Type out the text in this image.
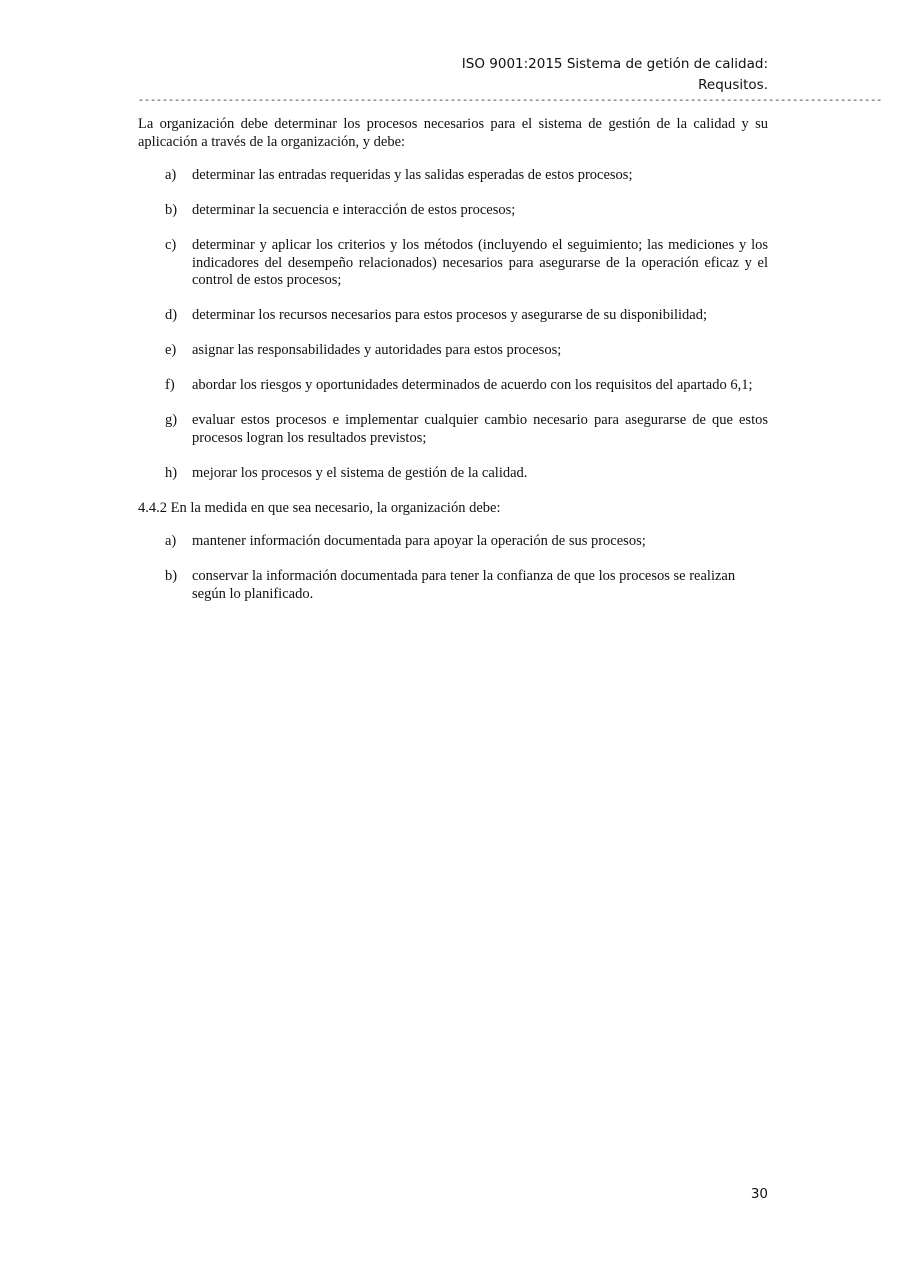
ISO 9001:2015 Sistema de getión de calidad:
Requsitos.
----------------------------------------------------------------------------------------------------------------------------

La organización debe determinar los procesos necesarios para el sistema de gestión de la calidad y su aplicación a través de la organización, y debe:

a)	determinar las entradas requeridas y las salidas esperadas de estos procesos;
b)	determinar la secuencia e interacción de estos procesos;
c)	determinar y aplicar los criterios y los métodos (incluyendo el seguimiento; las mediciones y los indicadores del desempeño relacionados) necesarios para asegurarse de la operación eficaz y el control de estos procesos;
d)	determinar los recursos necesarios para estos procesos y asegurarse de su disponibilidad;
e)	asignar las responsabilidades y autoridades para estos procesos;
f)	abordar los riesgos y oportunidades determinados de acuerdo con los requisitos del apartado 6,1;
g)	evaluar estos procesos e implementar cualquier cambio necesario para asegurarse de que estos procesos logran los resultados previstos;
h)	mejorar los procesos y el sistema de gestión de la calidad.

4.4.2 En la medida en que sea necesario, la organización debe:

a)	mantener información documentada para apoyar la operación de sus procesos;
b)	conservar la información documentada para tener la confianza de que los procesos se realizan según lo planificado.
30
